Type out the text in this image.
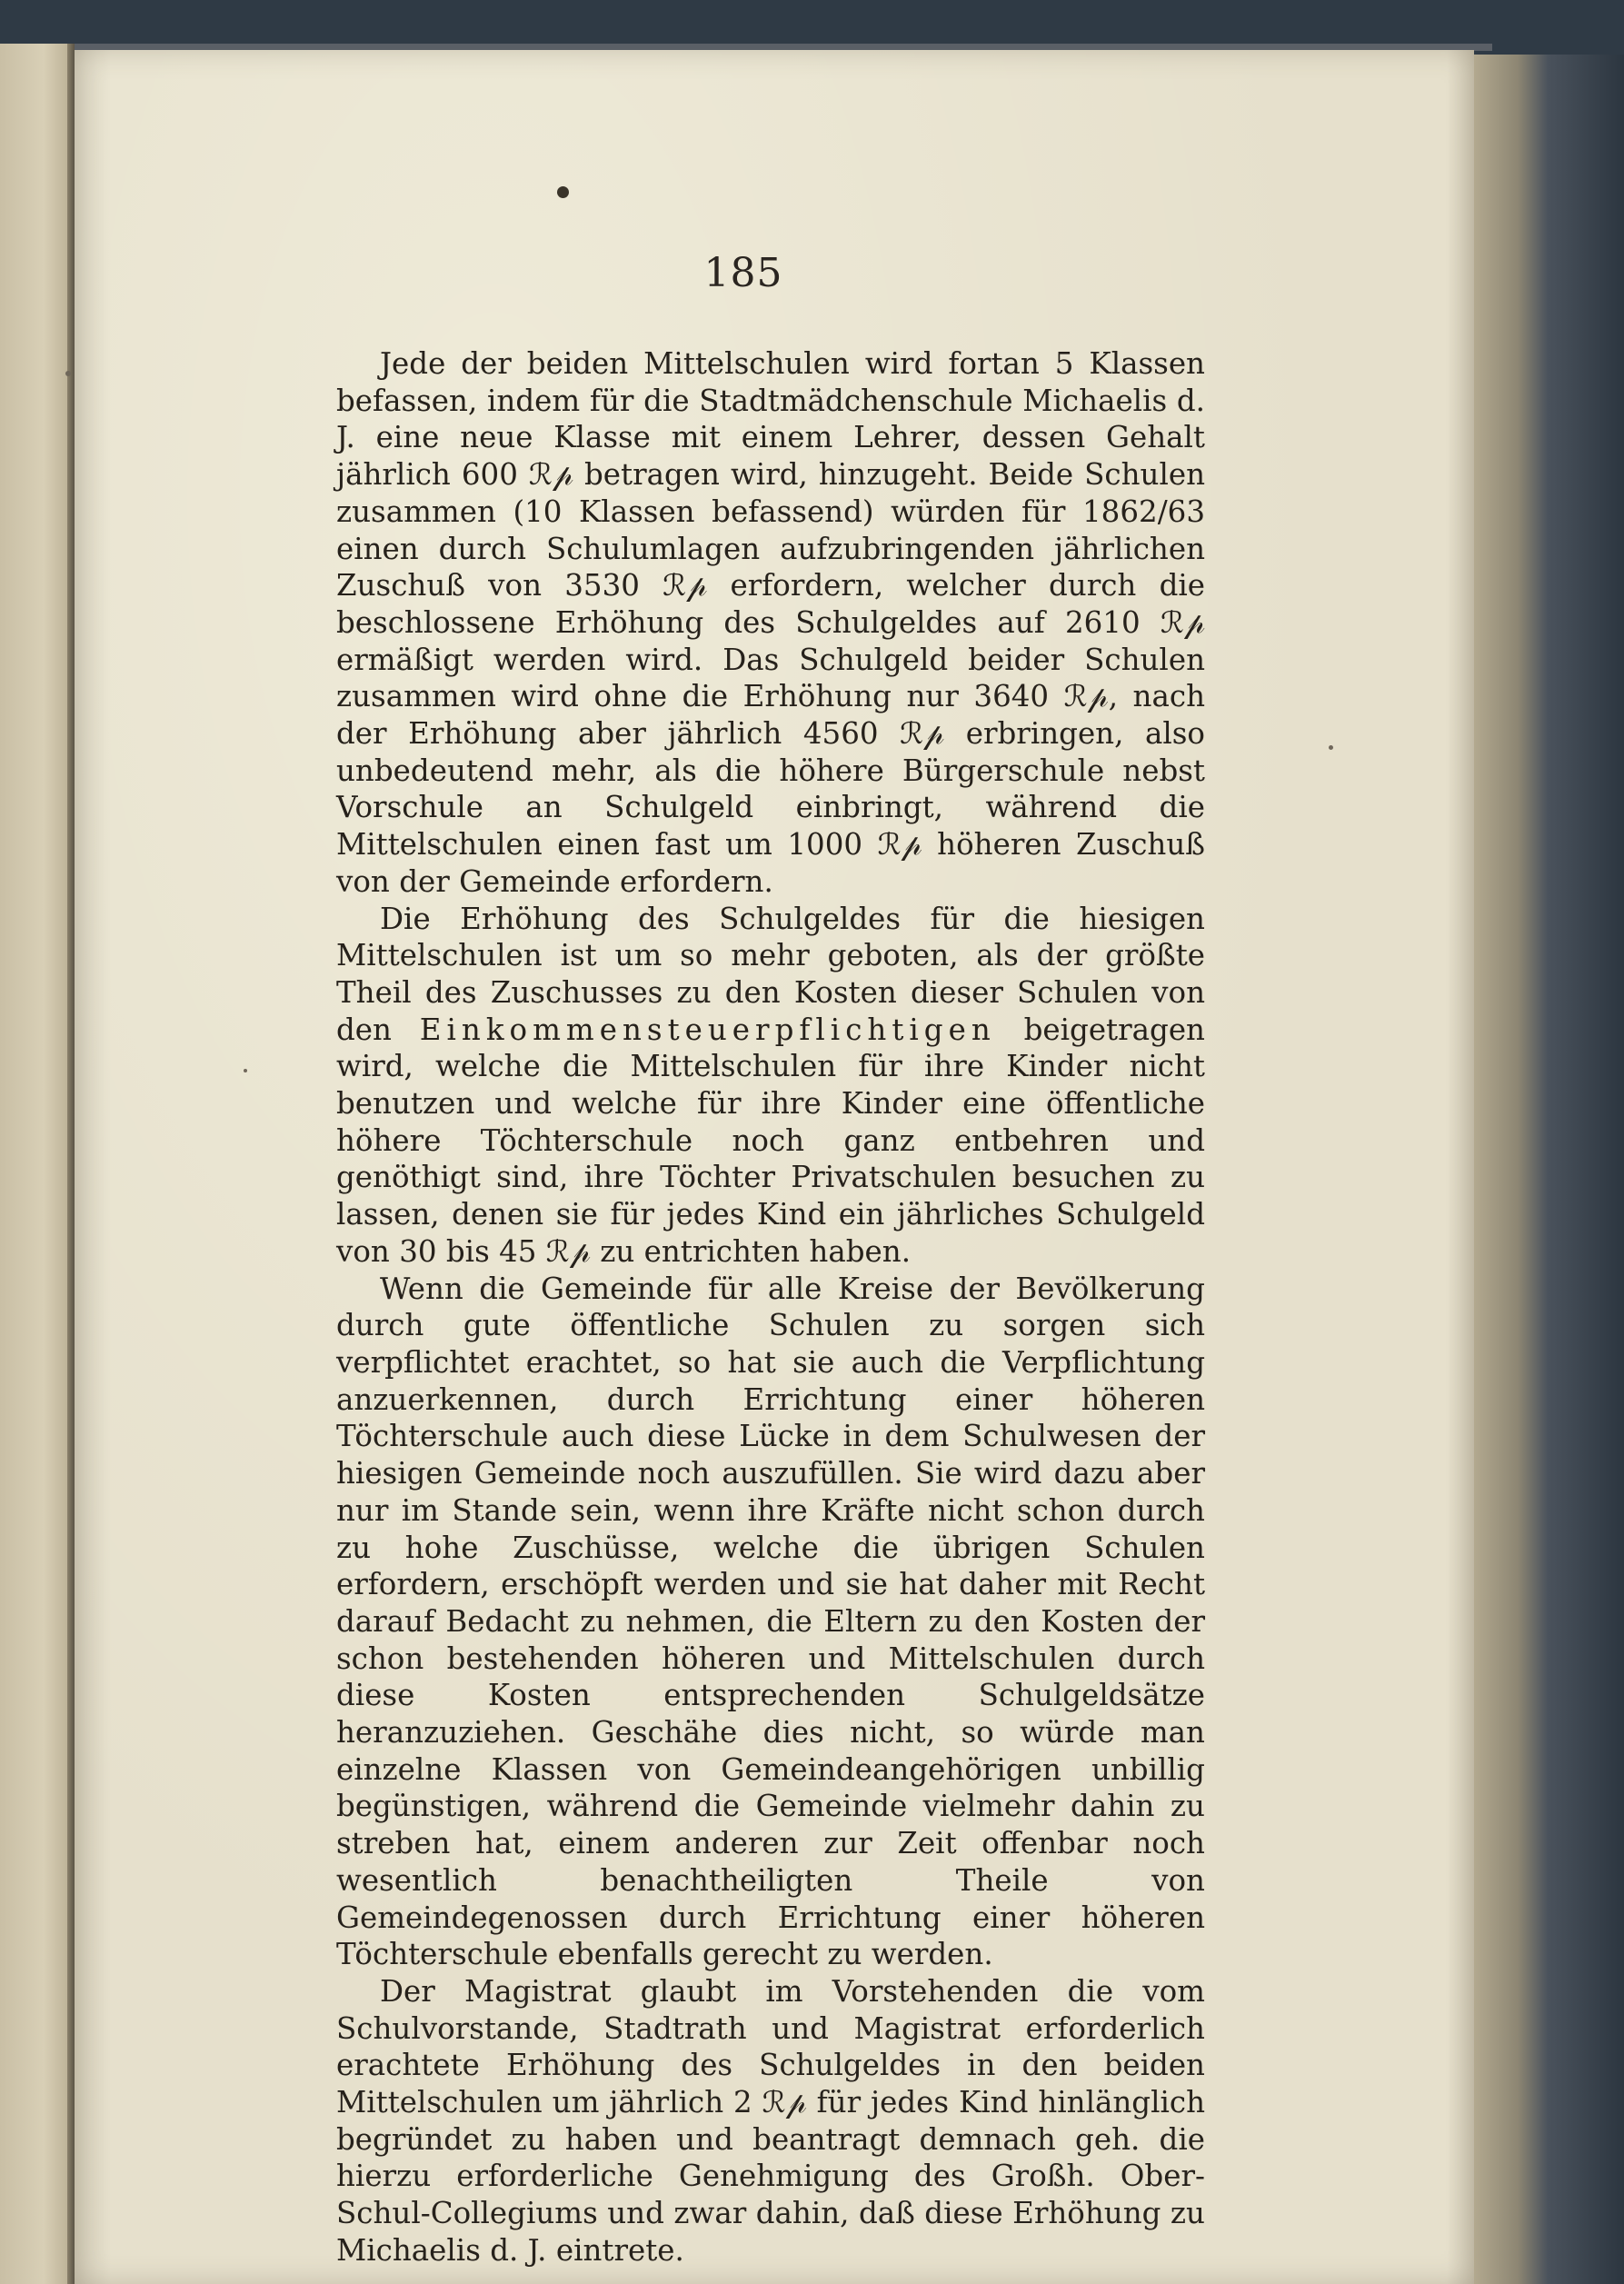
185

Jede der beiden Mittelschulen wird fortan 5 Klassen befassen, indem für die Stadtmädchenschule Michaelis d. J. eine neue Klasse mit einem Lehrer, dessen Gehalt jährlich 600 ℛ𝓅 betragen wird, hinzugeht. Beide Schulen zusammen (10 Klassen befassend) würden für 1862/63 einen durch Schulumlagen aufzubringenden jährlichen Zuschuß von 3530 ℛ𝓅 erfordern, welcher durch die beschlossene Erhöhung des Schulgeldes auf 2610 ℛ𝓅 ermäßigt werden wird. Das Schulgeld beider Schulen zusammen wird ohne die Erhöhung nur 3640 ℛ𝓅, nach der Erhöhung aber jährlich 4560 ℛ𝓅 erbringen, also unbedeutend mehr, als die höhere Bürgerschule nebst Vorschule an Schulgeld einbringt, während die Mittelschulen einen fast um 1000 ℛ𝓅 höheren Zuschuß von der Gemeinde erfordern.

Die Erhöhung des Schulgeldes für die hiesigen Mittelschulen ist um so mehr geboten, als der größte Theil des Zuschusses zu den Kosten dieser Schulen von den Einkommensteuerpflichtigen beigetragen wird, welche die Mittelschulen für ihre Kinder nicht benutzen und welche für ihre Kinder eine öffentliche höhere Töchterschule noch ganz entbehren und genöthigt sind, ihre Töchter Privatschulen besuchen zu lassen, denen sie für jedes Kind ein jährliches Schulgeld von 30 bis 45 ℛ𝓅 zu entrichten haben.

Wenn die Gemeinde für alle Kreise der Bevölkerung durch gute öffentliche Schulen zu sorgen sich verpflichtet erachtet, so hat sie auch die Verpflichtung anzuerkennen, durch Errichtung einer höheren Töchterschule auch diese Lücke in dem Schulwesen der hiesigen Gemeinde noch auszufüllen. Sie wird dazu aber nur im Stande sein, wenn ihre Kräfte nicht schon durch zu hohe Zuschüsse, welche die übrigen Schulen erfordern, erschöpft werden und sie hat daher mit Recht darauf Bedacht zu nehmen, die Eltern zu den Kosten der schon bestehenden höheren und Mittelschulen durch diese Kosten entsprechenden Schulgeldsätze heranzuziehen. Geschähe dies nicht, so würde man einzelne Klassen von Gemeindeangehörigen unbillig begünstigen, während die Gemeinde vielmehr dahin zu streben hat, einem anderen zur Zeit offenbar noch wesentlich benachtheiligten Theile von Gemeindegenossen durch Errichtung einer höheren Töchterschule ebenfalls gerecht zu werden.

Der Magistrat glaubt im Vorstehenden die vom Schulvorstande, Stadtrath und Magistrat erforderlich erachtete Erhöhung des Schulgeldes in den beiden Mittelschulen um jährlich 2 ℛ𝓅 für jedes Kind hinlänglich begründet zu haben und beantragt demnach geh. die hierzu erforderliche Genehmigung des Großh. Ober-Schul-Collegiums und zwar dahin, daß diese Erhöhung zu Michaelis d. J. eintrete.
